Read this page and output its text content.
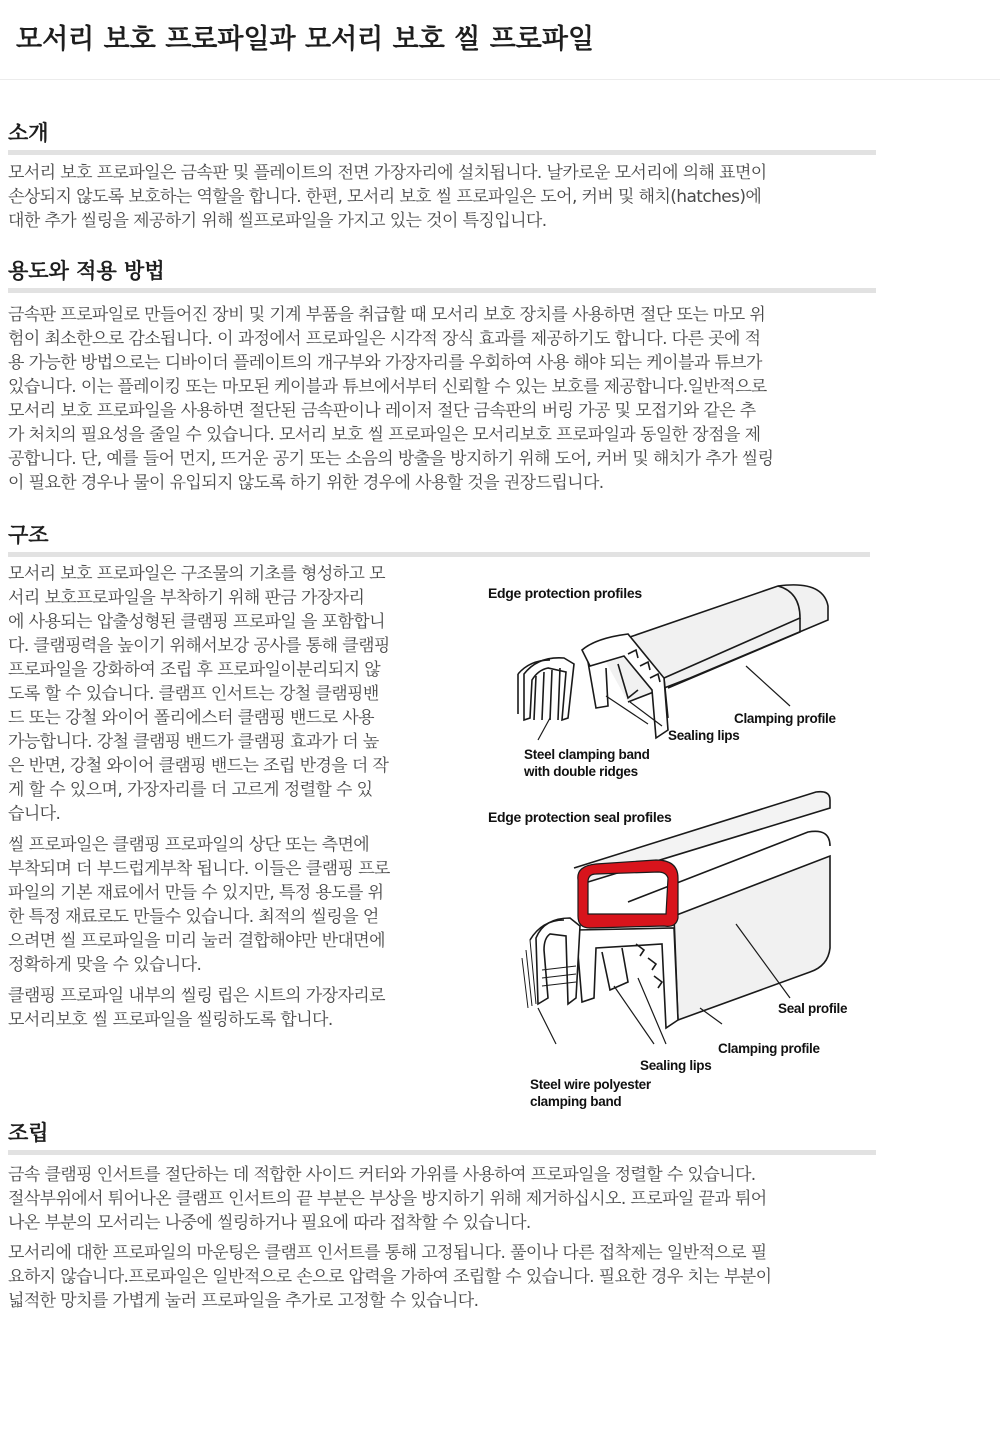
모서리 보호 프로파일과 모서리 보호 씰 프로파일
소개

모서리 보호 프로파일은 금속판 및 플레이트의 전면 가장자리에 설치됩니다. 날카로운 모서리에 의해 표면이
손상되지 않도록 보호하는 역할을 합니다. 한편, 모서리 보호 씰 프로파일은 도어, 커버 및 해치(hatches)에
대한 추가 씰링을 제공하기 위해 씰프로파일을 가지고 있는 것이 특징입니다.

용도와 적용 방법

금속판 프로파일로 만들어진 장비 및 기계 부품을 취급할 때 모서리 보호 장치를 사용하면 절단 또는 마모 위
험이 최소한으로 감소됩니다. 이 과정에서 프로파일은 시각적 장식 효과를 제공하기도 합니다. 다른 곳에 적
용 가능한 방법으로는 디바이더 플레이트의 개구부와 가장자리를 우회하여 사용 해야 되는 케이블과 튜브가
있습니다. 이는 플레이킹 또는 마모된 케이블과 튜브에서부터 신뢰할 수 있는 보호를 제공합니다.일반적으로
모서리 보호 프로파일을 사용하면 절단된 금속판이나 레이저 절단 금속판의 버링 가공 및 모접기와 같은 추
가 처치의 필요성을 줄일 수 있습니다. 모서리 보호 씰 프로파일은 모서리보호 프로파일과 동일한 장점을 제
공합니다. 단, 예를 들어 먼지, 뜨거운 공기 또는 소음의 방출을 방지하기 위해 도어, 커버 및 해치가 추가 씰링
이 필요한 경우나 물이 유입되지 않도록 하기 위한 경우에 사용할 것을 권장드립니다.

구조

모서리 보호 프로파일은 구조물의 기초를 형성하고 모
서리 보호프로파일을 부착하기 위해 판금 가장자리
에 사용되는 압출성형된 클램핑 프로파일 을 포함합니
다. 클램핑력을 높이기 위해서보강 공사를 통해 클램핑
프로파일을 강화하여 조립 후 프로파일이분리되지 않
도록 할 수 있습니다. 클램프 인서트는 강철 클램핑밴
드 또는 강철 와이어 폴리에스터 클램핑 밴드로 사용
가능합니다. 강철 클램핑 밴드가 클램핑 효과가 더 높
은 반면, 강철 와이어 클램핑 밴드는 조립 반경을 더 작
게 할 수 있으며, 가장자리를 더 고르게 정렬할 수 있
습니다.

씰 프로파일은 클램핑 프로파일의 상단 또는 측면에
부착되며 더 부드럽게부착 됩니다. 이들은 클램핑 프로
파일의 기본 재료에서 만들 수 있지만, 특정 용도를 위
한 특정 재료로도 만들수 있습니다. 최적의 씰링을 얻
으려면 씰 프로파일을 미리 눌러 결합해야만 반대면에
정확하게 맞을 수 있습니다.

클램핑 프로파일 내부의 씰링 립은 시트의 가장자리로
모서리보호 씰 프로파일을 씰링하도록 합니다.

Edge protection profiles
Clamping profile
Sealing lips
Steel clamping band
with double ridges
Edge protection seal profiles
Seal profile
Clamping profile
Sealing lips
Steel wire polyester
clamping band
조립

금속 클램핑 인서트를 절단하는 데 적합한 사이드 커터와 가위를 사용하여 프로파일을 정렬할 수 있습니다.
절삭부위에서 튀어나온 클램프 인서트의 끝 부분은 부상을 방지하기 위해 제거하십시오. 프로파일 끝과 튀어
나온 부분의 모서리는 나중에 씰링하거나 필요에 따라 접착할 수 있습니다.

모서리에 대한 프로파일의 마운팅은 클램프 인서트를 통해 고정됩니다. 풀이나 다른 접착제는 일반적으로 필
요하지 않습니다.프로파일은 일반적으로 손으로 압력을 가하여 조립할 수 있습니다. 필요한 경우 치는 부분이
넓적한 망치를 가볍게 눌러 프로파일을 추가로 고정할 수 있습니다.
